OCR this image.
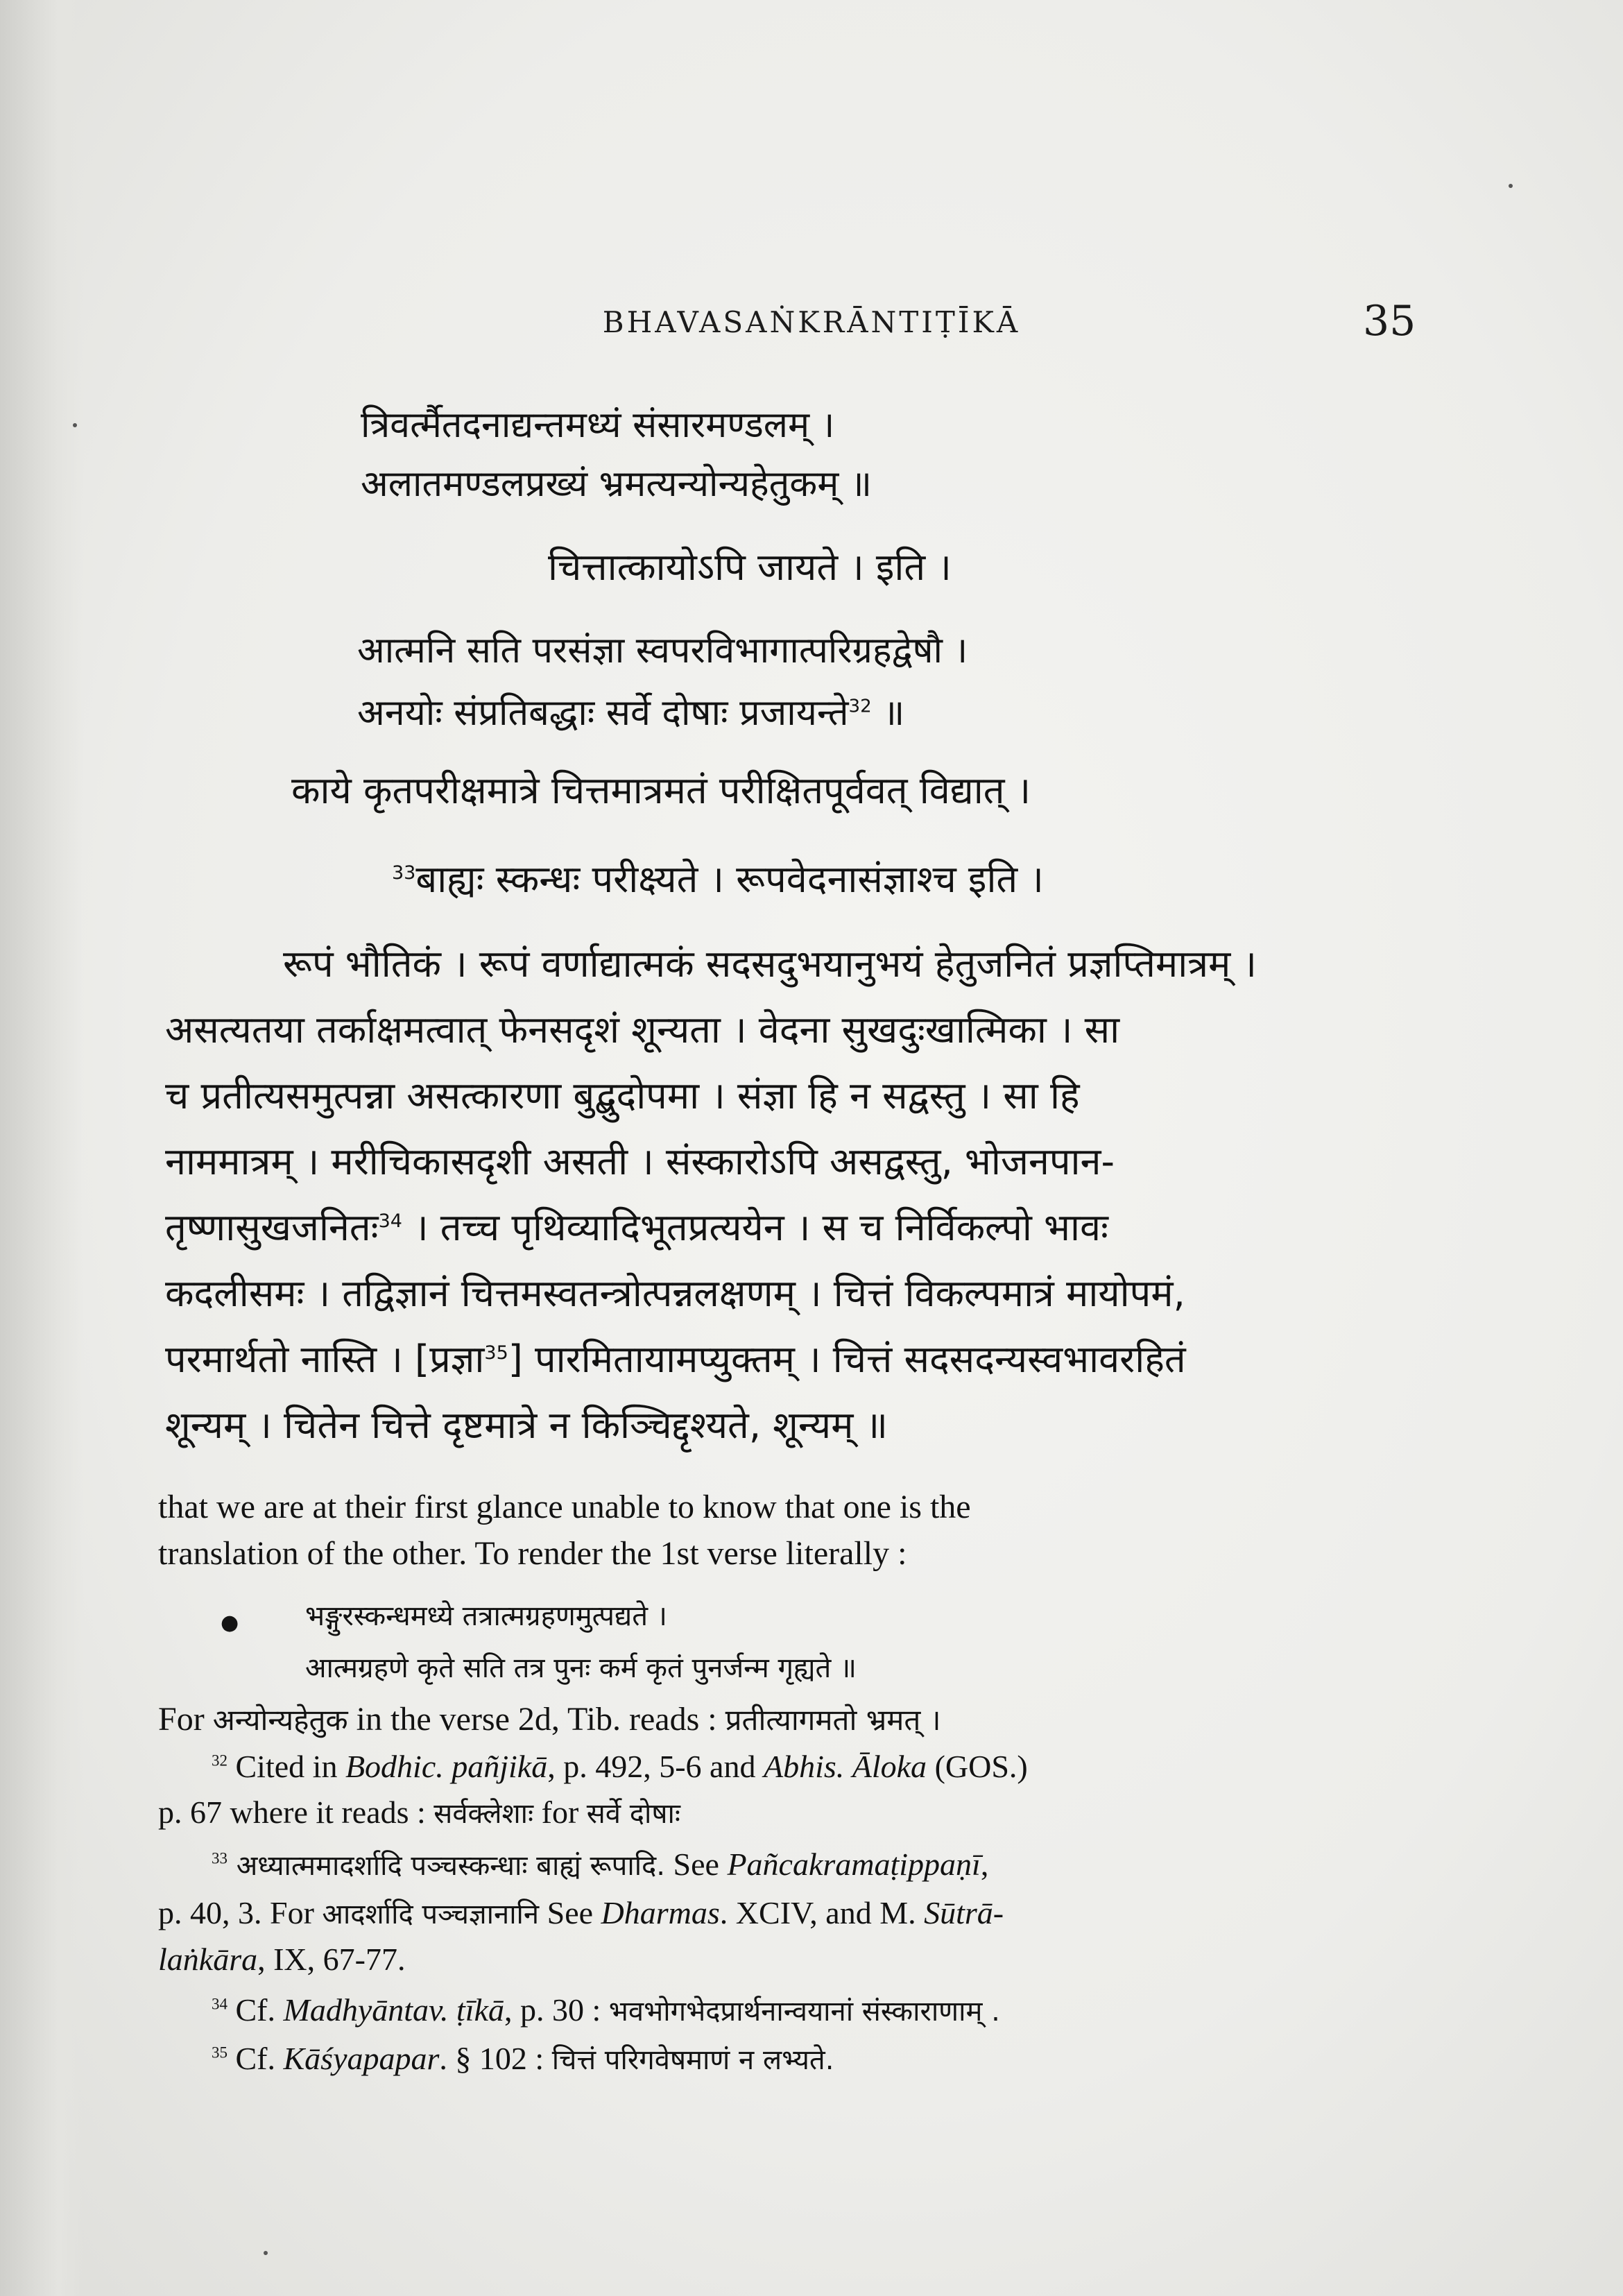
BHAVASAṄKRĀNTIṬĪKĀ	35
त्रिवर्त्मैतदनाद्यन्तमध्यं संसारमण्डलम् ।
अलातमण्डलप्रख्यं भ्रमत्यन्योन्यहेतुकम् ॥
चित्तात्कायोऽपि जायते । इति ।
आत्मनि सति परसंज्ञा स्वपरविभागात्परिग्रहद्वेषौ ।
अनयोः संप्रतिबद्धाः सर्वे दोषाः प्रजायन्ते$^{32}$ ॥
काये कृतपरीक्षमात्रे चित्तमात्रमतं परीक्षितपूर्ववत् विद्यात् ।
$^{33}$बाह्यः स्कन्धः परीक्ष्यते । रूपवेदनासंज्ञाश्च इति ।
रूपं भौतिकं । रूपं वर्णाद्यात्मकं सदसदुभयानुभयं हेतुजनितं प्रज्ञप्तिमात्रम् ।
असत्यतया तर्काक्षमत्वात् फेनसदृशं शून्यता । वेदना सुखदुःखात्मिका । सा
च प्रतीत्यसमुत्पन्ना असत्कारणा बुद्बुदोपमा । संज्ञा हि न सद्वस्तु । सा हि
नाममात्रम् । मरीचिकासदृशी असती । संस्कारोऽपि असद्वस्तु, भोजनपान-
तृष्णासुखजनितः$^{34}$ । तच्च पृथिव्यादिभूतप्रत्ययेन । स च निर्विकल्पो भावः
कदलीसमः । तद्विज्ञानं चित्तमस्वतन्त्रोत्पन्नलक्षणम् । चित्तं विकल्पमात्रं मायोपमं,
परमार्थतो नास्ति । [प्रज्ञा$^{35}$] पारमितायामप्युक्तम् । चित्तं सदसदन्यस्वभावरहितं
शून्यम् । चितेन चित्ते दृष्टमात्रे न किञ्चिद्दृश्यते, शून्यम् ॥
that we are at their first glance unable to know that one is the
translation of the other. To render the 1st verse literally :
● भङ्गुरस्कन्धमध्ये तत्रात्मग्रहणमुत्पद्यते ।
आत्मग्रहणे कृते सति तत्र पुनः कर्म कृतं पुनर्जन्म गृह्यते ॥
For अन्योन्यहेतुक in the verse 2d, Tib. reads : प्रतीत्यागमतो भ्रमत् ।
$^{32}$ Cited in Bodhic. pañjikā, p. 492, 5-6 and Abhis. Āloka (GOS.)
p. 67 where it reads : सर्वक्लेशाः for सर्वे दोषाः
$^{33}$ अध्यात्ममादर्शादि पञ्चस्कन्धाः बाह्यं रूपादि. See Pañcakramaṭippaṇī,
p. 40, 3. For आदर्शादि पञ्चज्ञानानि See Dharmas. XCIV, and M. Sūtrā-
laṅkāra, IX, 67-77.
$^{34}$ Cf. Madhyāntav. ṭīkā, p. 30 : भवभोगभेदप्रार्थनान्वयानां संस्काराणाम् .
$^{35}$ Cf. Kāśyapapar. § 102 : चित्तं परिगवेषमाणं न लभ्यते.
